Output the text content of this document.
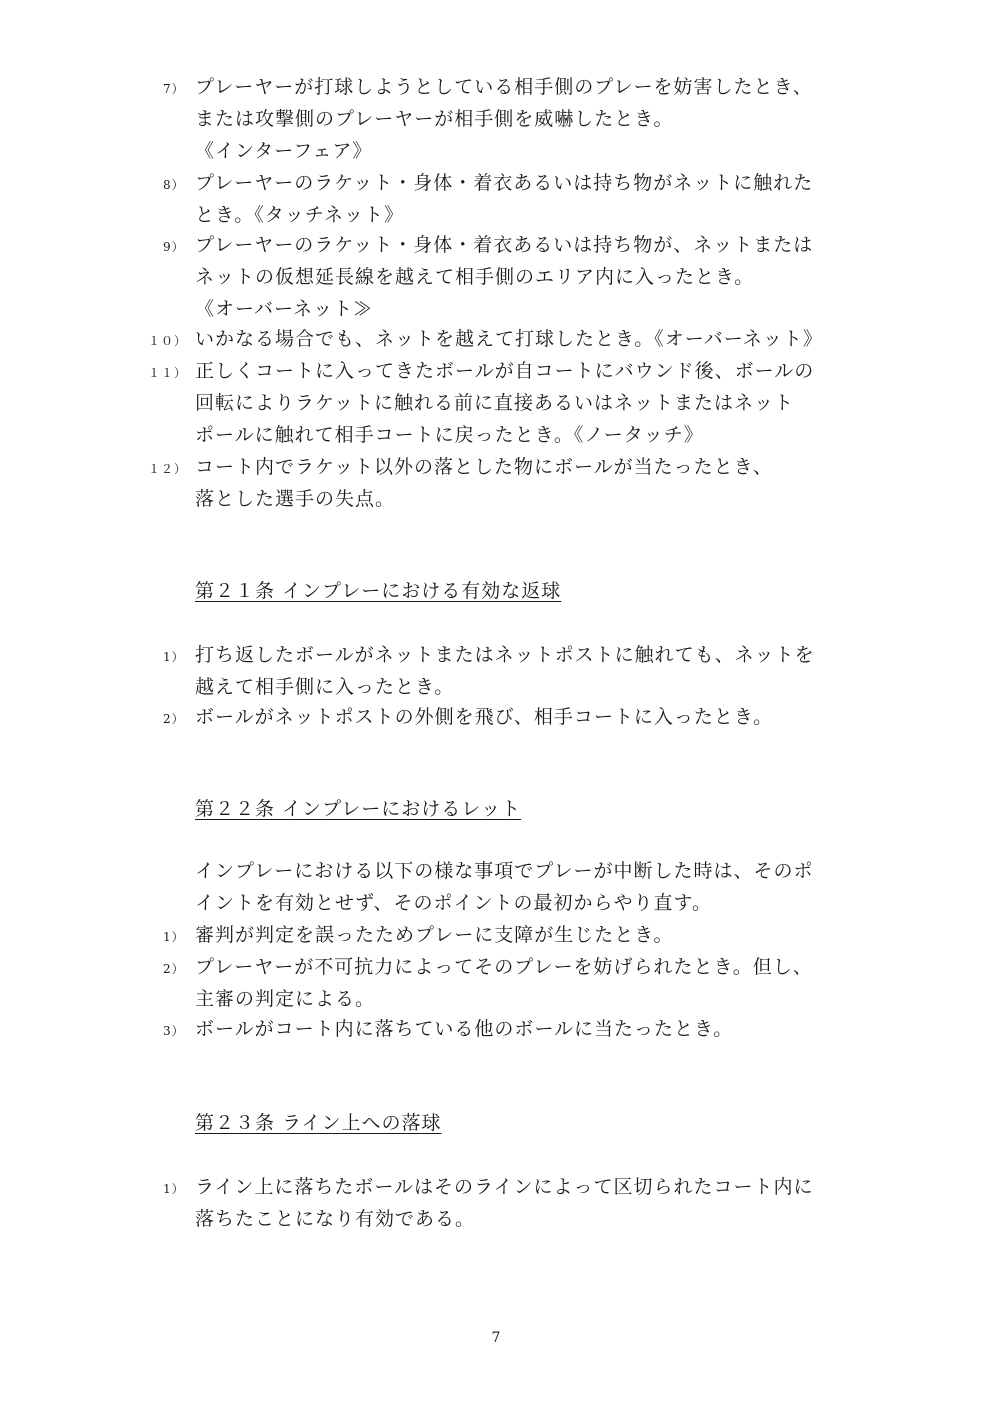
7） プレーヤーが打球しようとしている相手側のプレーを妨害したとき、
または攻撃側のプレーヤーが相手側を威嚇したとき。
《インターフェア》
8） プレーヤーのラケット・身体・着衣あるいは持ち物がネットに触れた
とき。《タッチネット》
9） プレーヤーのラケット・身体・着衣あるいは持ち物が、ネットまたは
ネットの仮想延長線を越えて相手側のエリア内に入ったとき。
《オーバーネット≫
１０） いかなる場合でも、ネットを越えて打球したとき。《オーバーネット》
１１） 正しくコートに入ってきたボールが自コートにバウンド後、ボールの
回転によりラケットに触れる前に直接あるいはネットまたはネット
ポールに触れて相手コートに戻ったとき。《ノータッチ》
１２） コート内でラケット以外の落とした物にボールが当たったとき、
落とした選手の失点。
第２１条 インプレーにおける有効な返球
1） 打ち返したボールがネットまたはネットポストに触れても、ネットを
越えて相手側に入ったとき。
2） ボールがネットポストの外側を飛び、相手コートに入ったとき。
第２２条 インプレーにおけるレット
インプレーにおける以下の様な事項でプレーが中断した時は、そのポ
イントを有効とせず、そのポイントの最初からやり直す。
1） 審判が判定を誤ったためプレーに支障が生じたとき。
2） プレーヤーが不可抗力によってそのプレーを妨げられたとき。但し、
主審の判定による。
3） ボールがコート内に落ちている他のボールに当たったとき。
第２３条 ライン上への落球
1） ライン上に落ちたボールはそのラインによって区切られたコート内に
落ちたことになり有効である。
7
